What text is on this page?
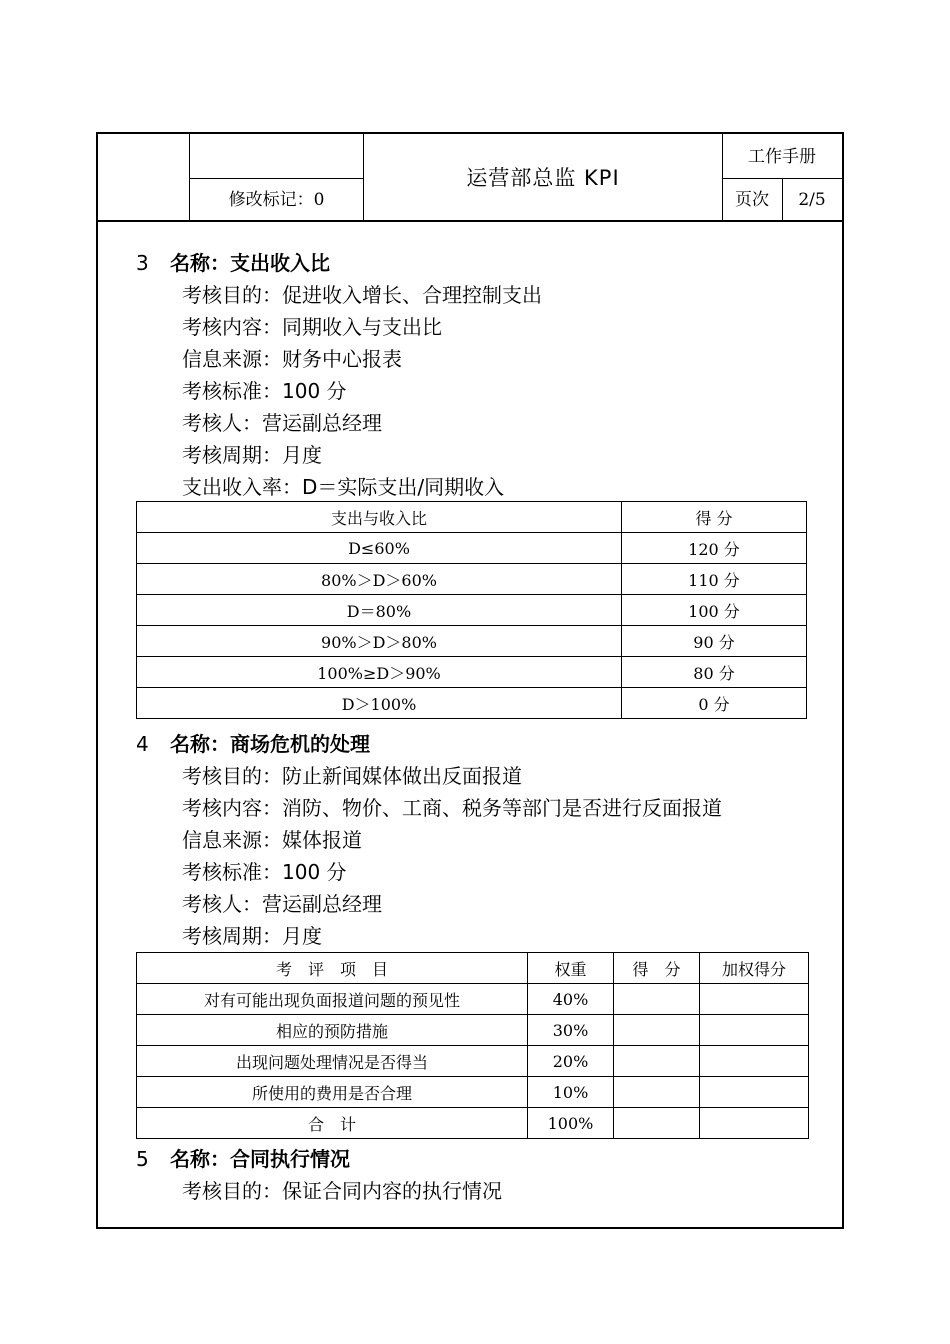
运营部总监 KPI
工作手册
修改标记：0	页次	2/5
3 名称：支出收入比
考核目的：促进收入增长、合理控制支出
考核内容：同期收入与支出比
信息来源：财务中心报表
考核标准：100 分
考核人：营运副总经理
考核周期：月度
支出收入率：D＝实际支出/同期收入
支出与收入比	得 分
D≤60%	120 分
80%＞D＞60%	110 分
D＝80%	100 分
90%＞D＞80%	90 分
100%≥D＞90%	80 分
D＞100%	0 分
4 名称：商场危机的处理
考核目的：防止新闻媒体做出反面报道
考核内容：消防、物价、工商、税务等部门是否进行反面报道
信息来源：媒体报道
考核标准：100 分
考核人：营运副总经理
考核周期：月度
考　评　项　目	权重	得　分	加权得分
对有可能出现负面报道问题的预见性	40%		
相应的预防措施	30%		
出现问题处理情况是否得当	20%		
所使用的费用是否合理	10%		
合　计	100%		
5 名称：合同执行情况
考核目的：保证合同内容的执行情况
